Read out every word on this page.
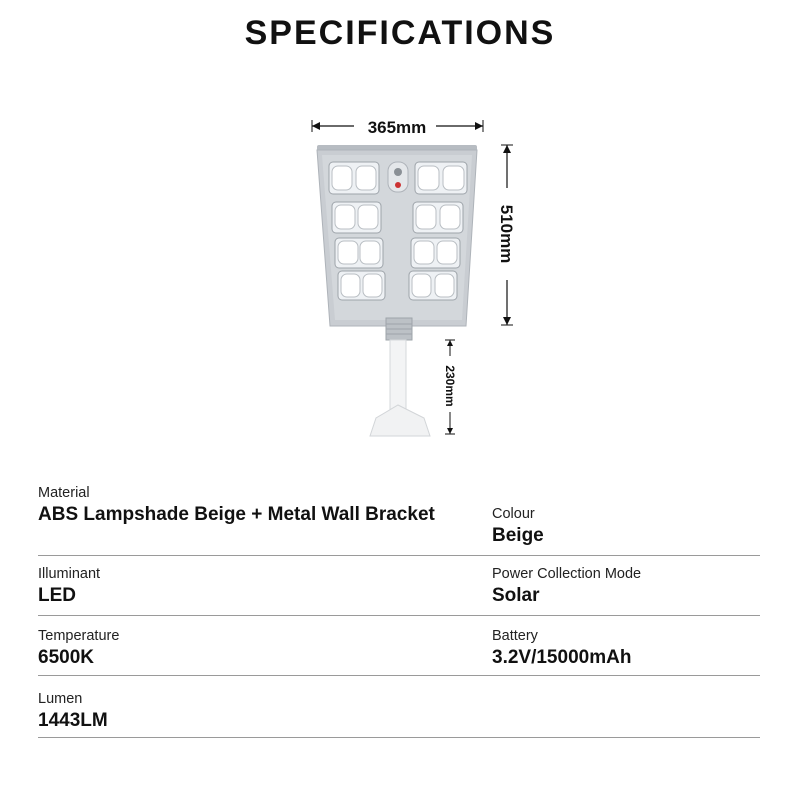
SPECIFICATIONS
365mm
510mm
230mm
Material
ABS Lampshade Beige + Metal Wall Bracket	Colour
Beige
Illuminant
LED
Power Collection Mode
Solar
Temperature
6500K
Battery
3.2V/15000mAh
Lumen
1443LM
